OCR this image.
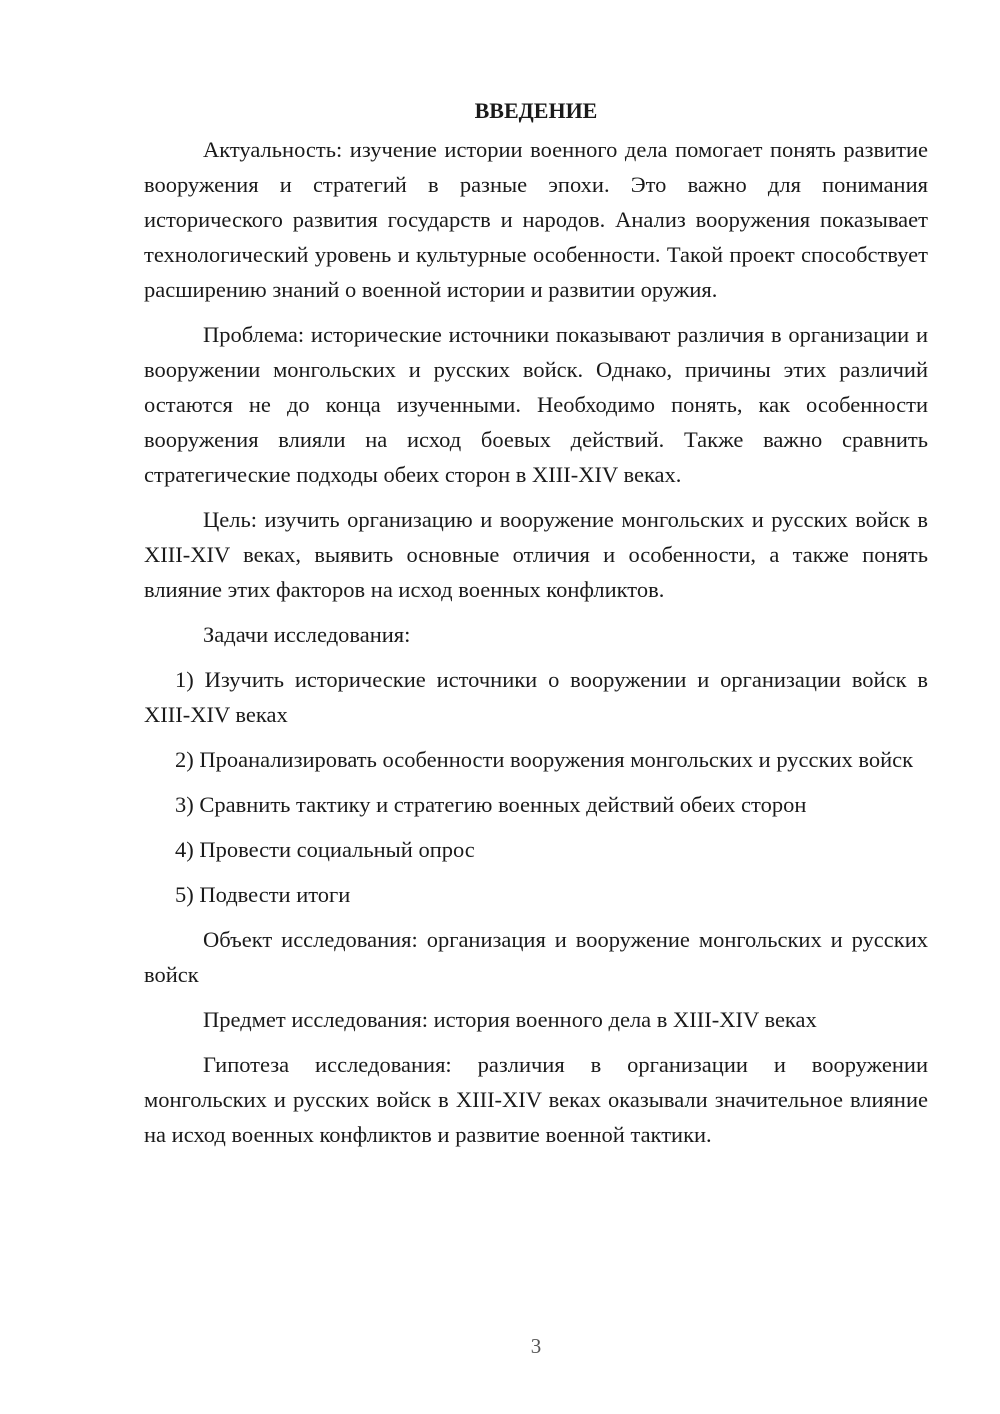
ВВЕДЕНИЕ

Актуальность: изучение истории военного дела помогает понять развитие вооружения и стратегий в разные эпохи. Это важно для понимания исторического развития государств и народов. Анализ вооружения показывает технологический уровень и культурные особенности. Такой проект способствует расширению знаний о военной истории и развитии оружия.

Проблема: исторические источники показывают различия в организации и вооружении монгольских и русских войск. Однако, причины этих различий остаются не до конца изученными. Необходимо понять, как особенности вооружения влияли на исход боевых действий. Также важно сравнить стратегические подходы обеих сторон в XIII-XIV веках.

Цель: изучить организацию и вооружение монгольских и русских войск в XIII-XIV веках, выявить основные отличия и особенности, а также понять влияние этих факторов на исход военных конфликтов.

Задачи исследования:

1) Изучить исторические источники о вооружении и организации войск в XIII-XIV веках

2) Проанализировать особенности вооружения монгольских и русских войск

3) Сравнить тактику и стратегию военных действий обеих сторон

4) Провести социальный опрос

5) Подвести итоги

Объект исследования: организация и вооружение монгольских и русских войск

Предмет исследования: история военного дела в XIII-XIV веках

Гипотеза исследования: различия в организации и вооружении монгольских и русских войск в XIII-XIV веках оказывали значительное влияние на исход военных конфликтов и развитие военной тактики.

3
